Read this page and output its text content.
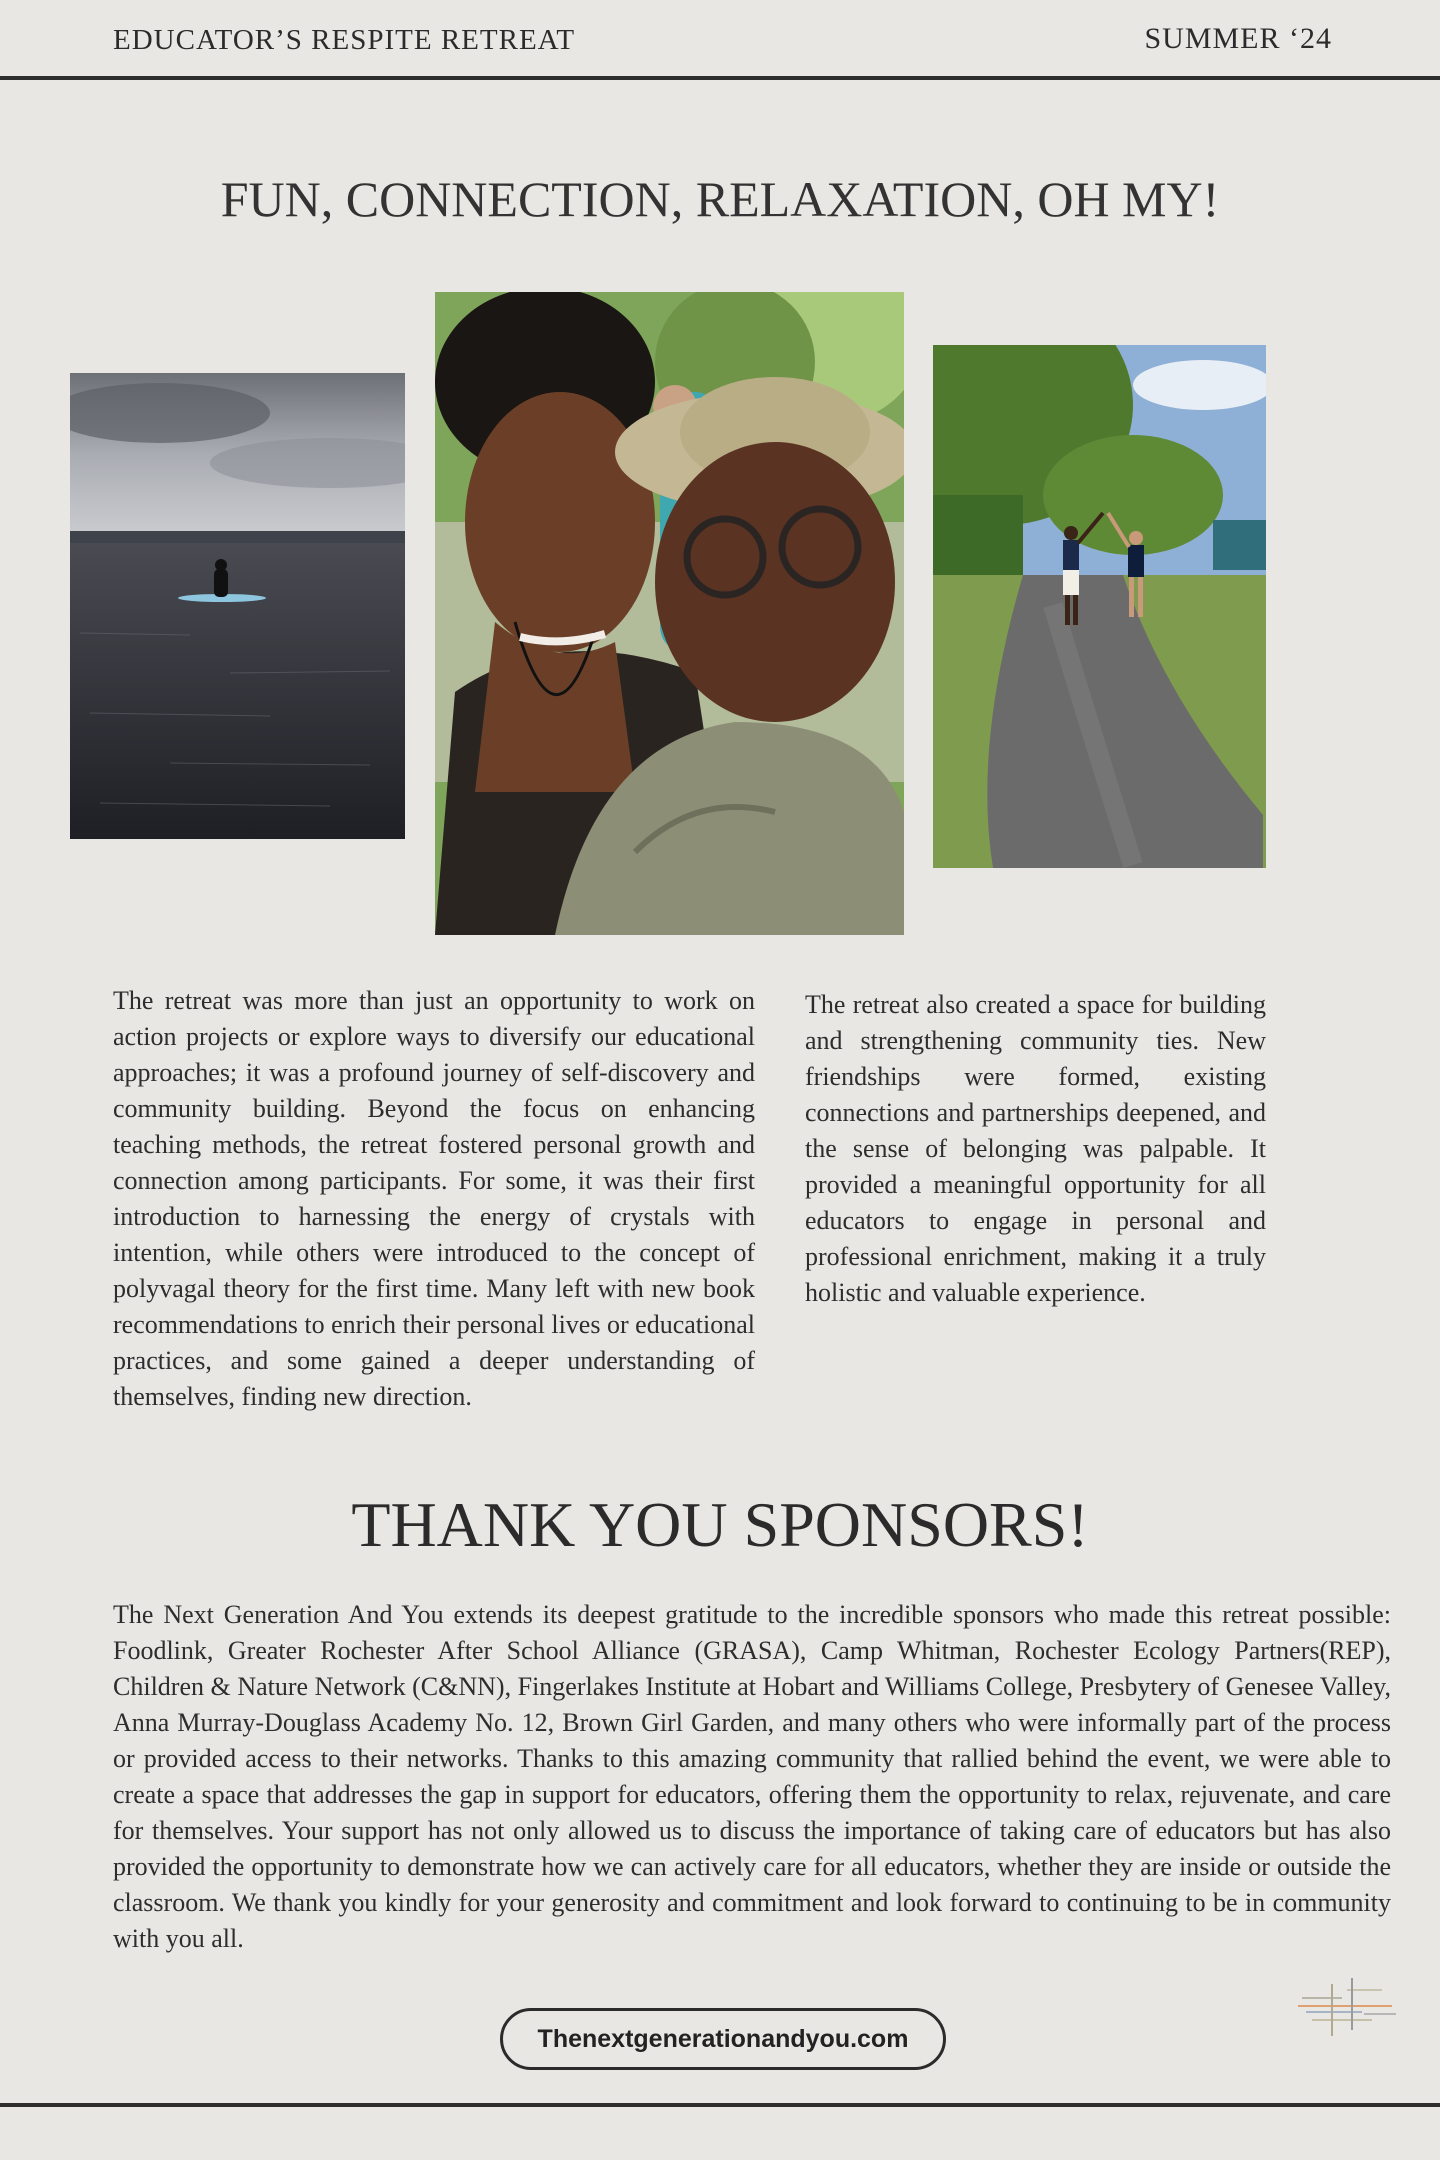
EDUCATOR’S RESPITE RETREAT	SUMMER ‘24
FUN, CONNECTION, RELAXATION, OH MY!
The retreat was more than just an opportunity to work on action projects or explore ways to diversify our educational approaches; it was a profound journey of self-discovery and community building. Beyond the focus on enhancing teaching methods, the retreat fostered personal growth and connection among participants. For some, it was their first introduction to harnessing the energy of crystals with intention, while others were introduced to the concept of polyvagal theory for the first time. Many left with new book recommendations to enrich their personal lives or educational practices, and some gained a deeper understanding of themselves, finding new direction.
The retreat also created a space for building and strengthening community ties. New friendships were formed, existing connections and partnerships deepened, and the sense of belonging was palpable. It provided a meaningful opportunity for all educators to engage in personal and professional enrichment, making it a truly holistic and valuable experience.
THANK YOU SPONSORS!
The Next Generation And You extends its deepest gratitude to the incredible sponsors who made this retreat possible: Foodlink, Greater Rochester After School Alliance (GRASA), Camp Whitman, Rochester Ecology Partners(REP), Children & Nature Network (C&NN), Fingerlakes Institute at Hobart and Williams College, Presbytery of Genesee Valley, Anna Murray-Douglass Academy No. 12, Brown Girl Garden, and many others who were informally part of the process or provided access to their networks. Thanks to this amazing community that rallied behind the event, we were able to create a space that addresses the gap in support for educators, offering them the opportunity to relax, rejuvenate, and care for themselves. Your support has not only allowed us to discuss the importance of taking care of educators but has also provided the opportunity to demonstrate how we can actively care for all educators, whether they are inside or outside the classroom. We thank you kindly for your generosity and commitment and look forward to continuing to be in community with you all.
Thenextgenerationandyou.com
